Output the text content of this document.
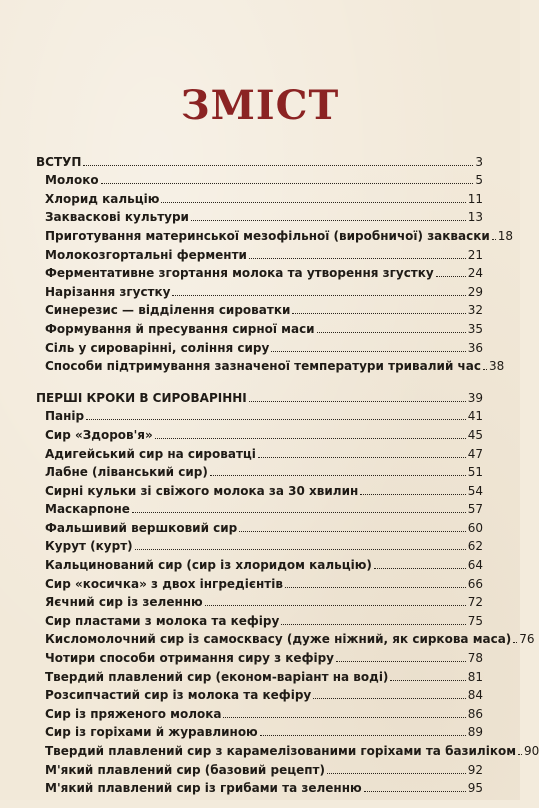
ЗМІСТ
ВСТУП	3
Молоко	5
Хлорид кальцію	11
Заквасковi культури	13
Приготування материнської мезофільної (виробничої) закваски 18
Молокозгортальні ферменти	21
Ферментативне згортання молока та утворення згустку	24
Нарізання згустку	29
Синерезис — відділення сироватки	32
Формування й пресування сирної маси	35
Сіль у сироварінні, соління сиру	36
Способи підтримування зазначеної температури тривалий час 38
ПЕРШІ КРОКИ В СИРОВАРІННІ	39
Панір	41
Сир «Здоров'я»	45
Адигейський сир на сироватці	47
Лабне (ліванський сир)	51
Сирні кульки зі свіжого молока за 30 хвилин	54
Маскарпоне	57
Фальшивий вершковий сир	60
Курут (курт)	62
Кальцинований сир (сир із хлоридом кальцію)	64
Сир «косичка» з двох інгредієнтів	66
Яєчний сир із зеленню	72
Сир пластами з молока та кефіру	75
Кисломолочний сир із самосквасу (дуже ніжний, як сиркова маса) 76
Чотири способи отримання сиру з кефіру	78
Твердий плавлений сир (економ-варіант на воді)	81
Розсипчастий сир із молока та кефіру	84
Сир із пряженого молока	86
Сир із горіхами й журавлиною	89
Твердий плавлений сир з карамелізованими горіхами та базиліком 90
М'який плавлений сир (базовий рецепт)	92
М'який плавлений сир із грибами та зеленню	95
